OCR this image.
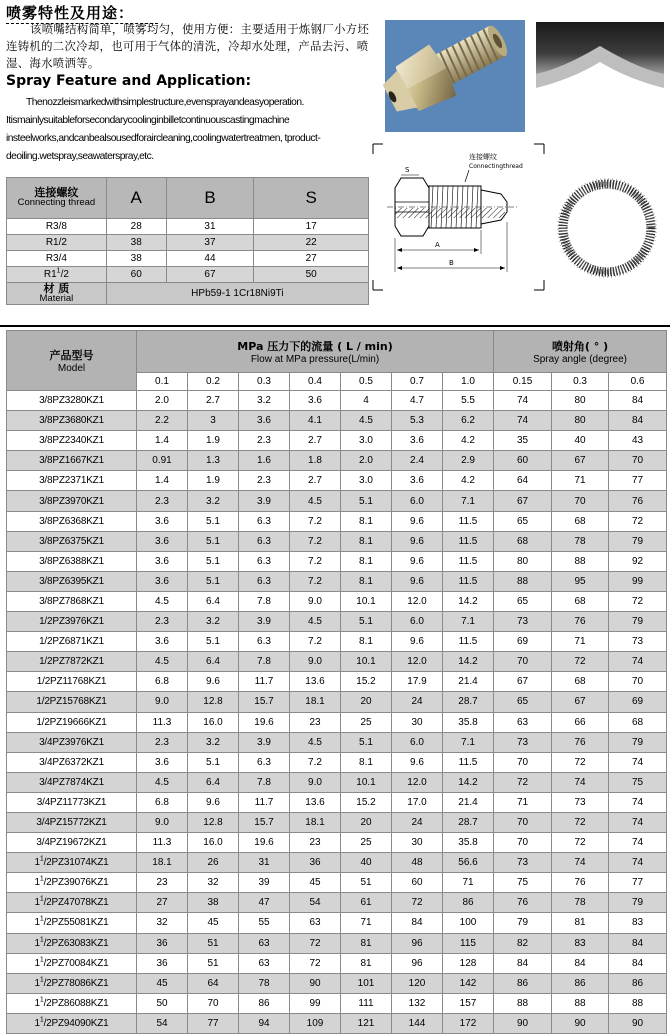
喷雾特性及用途：

该喷嘴结构简单，喷雾均匀，使用方便：主要适用于炼钢厂小方坯连铸机的二次冷却，也可用于气体的清洗，冷却水处理，产品去污、喷湿、海水喷洒等。

Spray Feature and Application:

Thenozzleismarkedwithsimplestructure,evensprayandeasyoperation. Itismainlysuitableforsecondarycoolinginbilletcontinuouscastingmachine insteelworks,andcanbealsousedforaircleaning,coolingwatertreatmen, tproduct-deoiling.wetspray,seawaterspray,etc.	连接螺纹
Connectingthread
S
A
B
连接螺纹
Connecting thread	A	B	S
R3/8	28	31	17
R1/2	38	37	22
R3/4	38	44	27
$R1^1/2$	60	67	50

材 质
Material	HPb59-1 1Cr18Ni9Ti		
产品型号
Model	MPa 压力下的流量 ( L / min)
Flow at MPa pressure(L/min)							喷射角( ° )
Spray angle (degree)		

	0.1	0.2	0.3	0.4	0.5	0.7	1.0	0.15	0.3	0.6
3/8PZ3280KZ1	2.0	2.7	3.2	3.6	4	4.7	5.5	74	80	84
3/8PZ3680KZ1	2.2	3	3.6	4.1	4.5	5.3	6.2	74	80	84
3/8PZ2340KZ1	1.4	1.9	2.3	2.7	3.0	3.6	4.2	35	40	43
3/8PZ1667KZ1	0.91	1.3	1.6	1.8	2.0	2.4	2.9	60	67	70
3/8PZ2371KZ1	1.4	1.9	2.3	2.7	3.0	3.6	4.2	64	71	77
3/8PZ3970KZ1	2.3	3.2	3.9	4.5	5.1	6.0	7.1	67	70	76
3/8PZ6368KZ1	3.6	5.1	6.3	7.2	8.1	9.6	11.5	65	68	72
3/8PZ6375KZ1	3.6	5.1	6.3	7.2	8.1	9.6	11.5	68	78	79
3/8PZ6388KZ1	3.6	5.1	6.3	7.2	8.1	9.6	11.5	80	88	92
3/8PZ6395KZ1	3.6	5.1	6.3	7.2	8.1	9.6	11.5	88	95	99
3/8PZ7868KZ1	4.5	6.4	7.8	9.0	10.1	12.0	14.2	65	68	72
1/2PZ3976KZ1	2.3	3.2	3.9	4.5	5.1	6.0	7.1	73	76	79
1/2PZ6871KZ1	3.6	5.1	6.3	7.2	8.1	9.6	11.5	69	71	73
1/2PZ7872KZ1	4.5	6.4	7.8	9.0	10.1	12.0	14.2	70	72	74
1/2PZ11768KZ1	6.8	9.6	11.7	13.6	15.2	17.9	21.4	67	68	70
1/2PZ15768KZ1	9.0	12.8	15.7	18.1	20	24	28.7	65	67	69
1/2PZ19666KZ1	11.3	16.0	19.6	23	25	30	35.8	63	66	68
3/4PZ3976KZ1	2.3	3.2	3.9	4.5	5.1	6.0	7.1	73	76	79
3/4PZ6372KZ1	3.6	5.1	6.3	7.2	8.1	9.6	11.5	70	72	74
3/4PZ7874KZ1	4.5	6.4	7.8	9.0	10.1	12.0	14.2	72	74	75
3/4PZ11773KZ1	6.8	9.6	11.7	13.6	15.2	17.0	21.4	71	73	74
3/4PZ15772KZ1	9.0	12.8	15.7	18.1	20	24	28.7	70	72	74
3/4PZ19672KZ1	11.3	16.0	19.6	23	25	30	35.8	70	72	74
$1^1/2PZ31074KZ1$	18.1	26	31	36	40	48	56.6	73	74	74
$1^1/2PZ39076KZ1$	23	32	39	45	51	60	71	75	76	77
$1^1/2PZ47078KZ1$	27	38	47	54	61	72	86	76	78	79
$1^1/2PZ55081KZ1$	32	45	55	63	71	84	100	79	81	83
$1^1/2PZ63083KZ1$	36	51	63	72	81	96	115	82	83	84
$1^1/2PZ70084KZ1$	36	51	63	72	81	96	128	84	84	84
$1^1/2PZ78086KZ1$	45	64	78	90	101	120	142	86	86	86
$1^1/2PZ86088KZ1$	50	70	86	99	111	132	157	88	88	88
$1^1/2PZ94090KZ1$	54	77	94	109	121	144	172	90	90	90
